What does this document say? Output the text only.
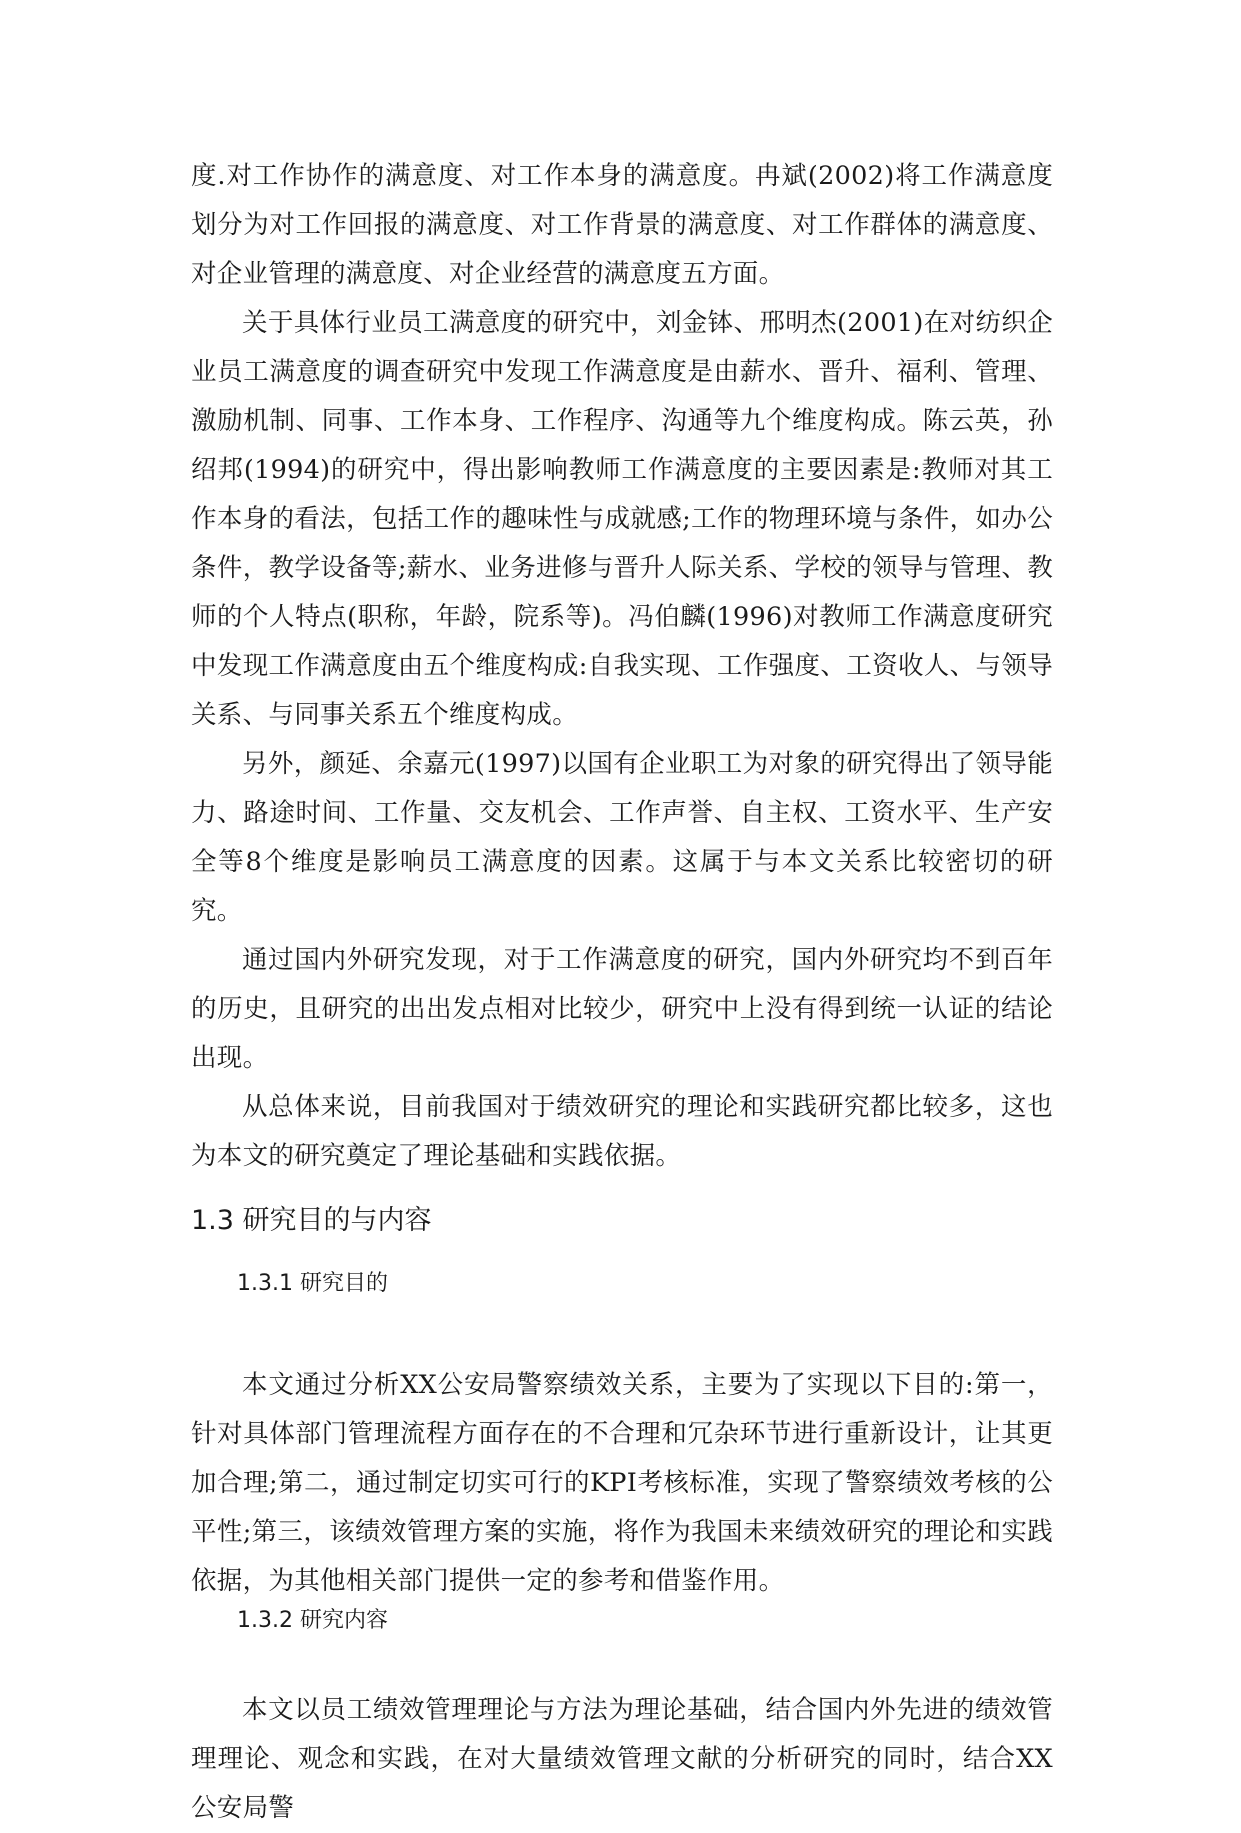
度.对工作协作的满意度、对工作本身的满意度。冉斌(2002)将工作满意度划分为对工作回报的满意度、对工作背景的满意度、对工作群体的满意度、对企业管理的满意度、对企业经营的满意度五方面。

关于具体行业员工满意度的研究中，刘金钵、邢明杰(2001)在对纺织企业员工满意度的调查研究中发现工作满意度是由薪水、晋升、福利、管理、激励机制、同事、工作本身、工作程序、沟通等九个维度构成。陈云英，孙绍邦(1994)的研究中，得出影响教师工作满意度的主要因素是:教师对其工作本身的看法，包括工作的趣味性与成就感;工作的物理环境与条件，如办公条件，教学设备等;薪水、业务进修与晋升人际关系、学校的领导与管理、教师的个人特点(职称，年龄，院系等)。冯伯麟(1996)对教师工作满意度研究中发现工作满意度由五个维度构成:自我实现、工作强度、工资收人、与领导关系、与同事关系五个维度构成。

另外，颜延、余嘉元(1997)以国有企业职工为对象的研究得出了领导能力、路途时间、工作量、交友机会、工作声誉、自主权、工资水平、生产安全等8个维度是影响员工满意度的因素。这属于与本文关系比较密切的研究。

通过国内外研究发现，对于工作满意度的研究，国内外研究均不到百年的历史，且研究的出出发点相对比较少，研究中上没有得到统一认证的结论出现。

从总体来说，目前我国对于绩效研究的理论和实践研究都比较多，这也为本文的研究奠定了理论基础和实践依据。

1.3 研究目的与内容
1.3.1 研究目的

本文通过分析XX公安局警察绩效关系，主要为了实现以下目的:第一，针对具体部门管理流程方面存在的不合理和冗杂环节进行重新设计，让其更加合理;第二，通过制定切实可行的KPI考核标准，实现了警察绩效考核的公平性;第三，该绩效管理方案的实施，将作为我国未来绩效研究的理论和实践依据，为其他相关部门提供一定的参考和借鉴作用。

1.3.2 研究内容

本文以员工绩效管理理论与方法为理论基础，结合国内外先进的绩效管理理论、观念和实践，在对大量绩效管理文献的分析研究的同时，结合XX公安局警
